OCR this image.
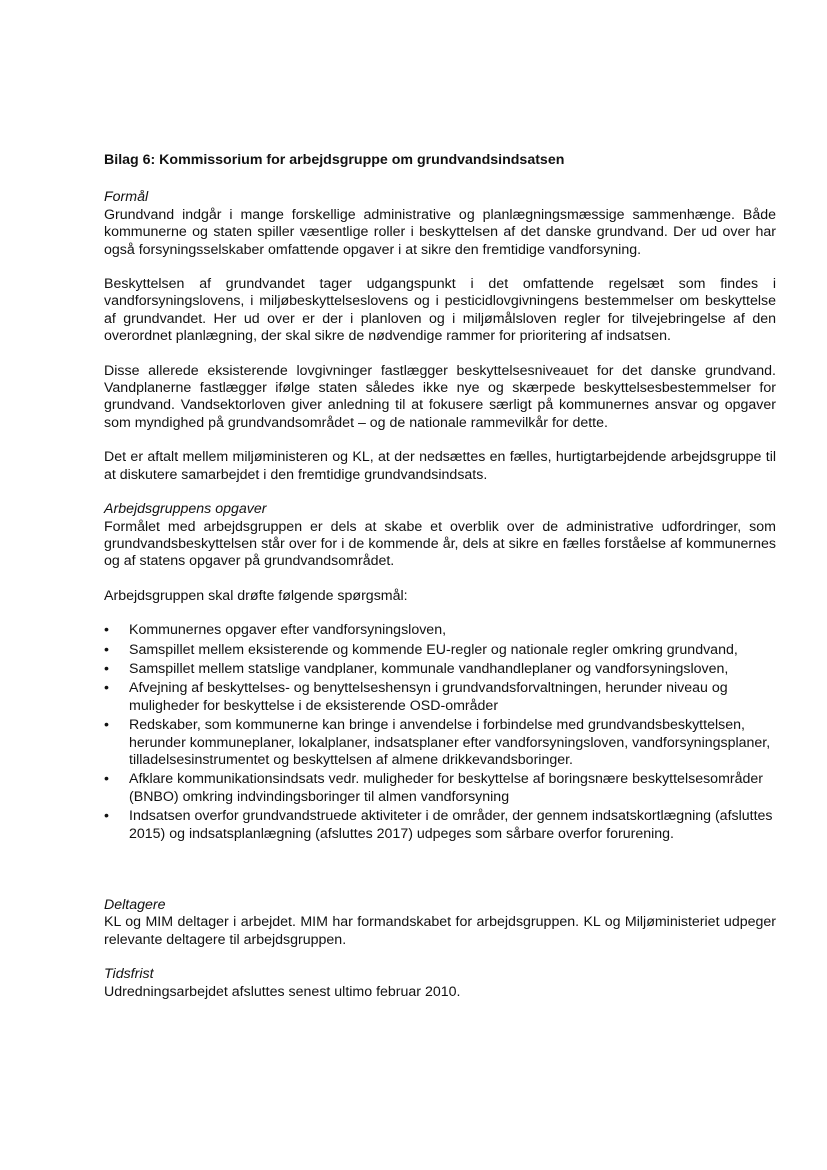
Bilag 6: Kommissorium for arbejdsgruppe om grundvandsindsatsen

Formål

Grundvand indgår i mange forskellige administrative og planlægningsmæssige sammenhænge. Både kommunerne og staten spiller væsentlige roller i beskyttelsen af det danske grundvand. Der ud over har også forsyningsselskaber omfattende opgaver i at sikre den fremtidige vandforsyning.

Beskyttelsen af grundvandet tager udgangspunkt i det omfattende regelsæt som findes i vandforsyningslovens, i miljøbeskyttelseslovens og i pesticidlovgivningens bestemmelser om beskyttelse af grundvandet. Her ud over er der i planloven og i miljømålsloven regler for tilvejebringelse af den overordnet planlægning, der skal sikre de nødvendige rammer for prioritering af indsatsen.

Disse allerede eksisterende lovgivninger fastlægger beskyttelsesniveauet for det danske grundvand. Vandplanerne fastlægger ifølge staten således ikke nye og skærpede beskyttelsesbestemmelser for grundvand. Vandsektorloven giver anledning til at fokusere særligt på kommunernes ansvar og opgaver som myndighed på grundvandsområdet – og de nationale rammevilkår for dette.

Det er aftalt mellem miljøministeren og KL, at der nedsættes en fælles, hurtigtarbejdende arbejdsgruppe til at diskutere samarbejdet i den fremtidige grundvandsindsats.

Arbejdsgruppens opgaver

Formålet med arbejdsgruppen er dels at skabe et overblik over de administrative udfordringer, som grundvandsbeskyttelsen står over for i de kommende år, dels at sikre en fælles forståelse af kommunernes og af statens opgaver på grundvandsområdet.

Arbejdsgruppen skal drøfte følgende spørgsmål:

• Kommunernes opgaver efter vandforsyningsloven,
• Samspillet mellem eksisterende og kommende EU-regler og nationale regler omkring grundvand,
• Samspillet mellem statslige vandplaner, kommunale vandhandleplaner og vandforsyningsloven,
• Afvejning af beskyttelses- og benyttelseshensyn i grundvandsforvaltningen, herunder niveau og muligheder for beskyttelse i de eksisterende OSD-områder
• Redskaber, som kommunerne kan bringe i anvendelse i forbindelse med grundvandsbeskyttelsen, herunder kommuneplaner, lokalplaner, indsatsplaner efter vandforsyningsloven, vandforsyningsplaner, tilladelsesinstrumentet og beskyttelsen af almene drikkevandsboringer.
• Afklare kommunikationsindsats vedr. muligheder for beskyttelse af boringsnære beskyttelsesområder (BNBO) omkring indvindingsboringer til almen vandforsyning
• Indsatsen overfor grundvandstruede aktiviteter i de områder, der gennem indsatskortlægning (afsluttes 2015) og indsatsplanlægning (afsluttes 2017) udpeges som sårbare overfor forurening.

Deltagere

KL og MIM deltager i arbejdet. MIM har formandskabet for arbejdsgruppen. KL og Miljøministeriet udpeger relevante deltagere til arbejdsgruppen.

Tidsfrist

Udredningsarbejdet afsluttes senest ultimo februar 2010.
